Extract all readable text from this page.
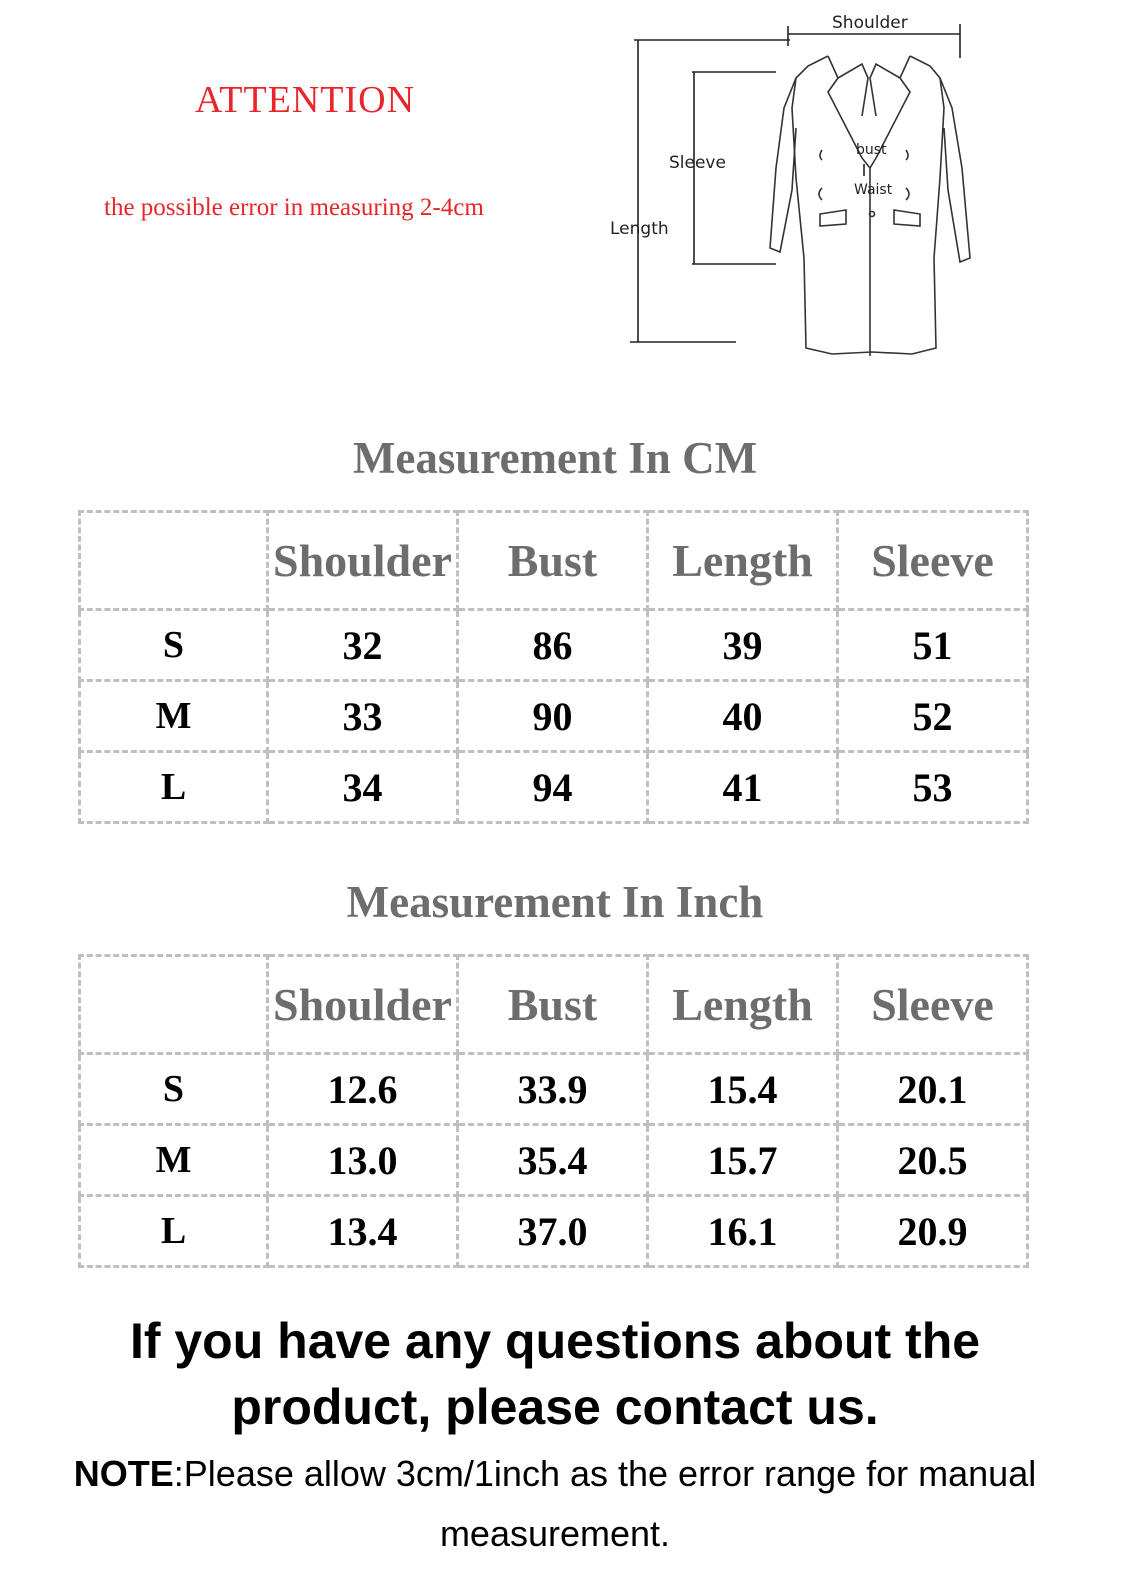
ATTENTION
the possible error in measuring 2-4cm
Shoulder
Sleeve
Length
bust
Waist
Measurement In CM
	Shoulder	Bust	Length	Sleeve
S	32	86	39	51
M	33	90	40	52
L	34	94	41	53
Measurement In Inch
	Shoulder	Bust	Length	Sleeve
S	12.6	33.9	15.4	20.1
M	13.0	35.4	15.7	20.5
L	13.4	37.0	16.1	20.9
If you have any questions about the
product, please contact us.
NOTE:Please allow 3cm/1inch as the error range for manual measurement.
